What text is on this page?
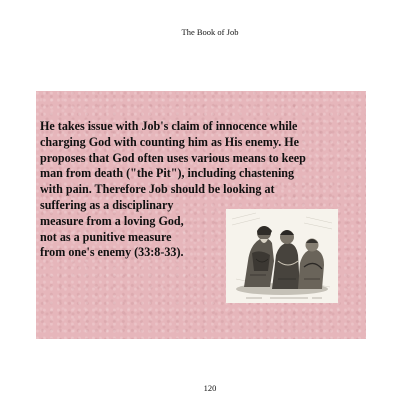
The Book of Job

He takes issue with Job's claim of innocence while
charging God with counting him as His enemy. He
proposes that God often uses various means to keep
man from death ("the Pit"), including chastening
with pain. Therefore Job should be looking at
suffering as a disciplinary
measure from a loving God,
not as a punitive measure
from one's enemy (33:8-33).

120
